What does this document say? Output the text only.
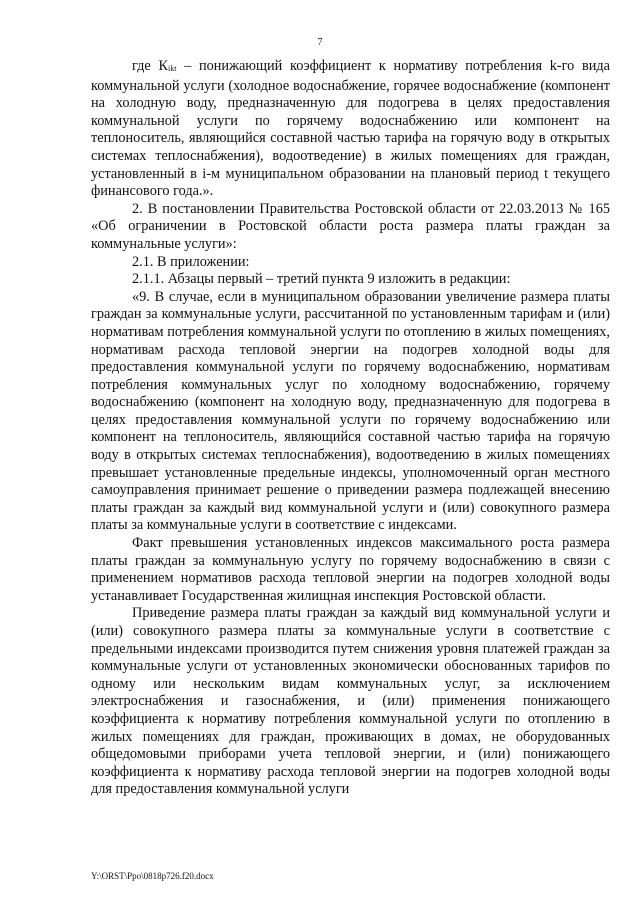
7

где Кikt – понижающий коэффициент к нормативу потребления k-го вида коммунальной услуги (холодное водоснабжение, горячее водоснабжение (компонент на холодную воду, предназначенную для подогрева в целях предоставления коммунальной услуги по горячему водоснабжению или компонент на теплоноситель, являющийся составной частью тарифа на горячую воду в открытых системах теплоснабжения), водоотведение) в жилых помещениях для граждан, установленный в i-м муниципальном образовании на плановый период t текущего финансового года.».

2. В постановлении Правительства Ростовской области от 22.03.2013 № 165 «Об ограничении в Ростовской области роста размера платы граждан за коммунальные услуги»:

2.1. В приложении:

2.1.1. Абзацы первый – третий пункта 9 изложить в редакции:

«9. В случае, если в муниципальном образовании увеличение размера платы граждан за коммунальные услуги, рассчитанной по установленным тарифам и (или) нормативам потребления коммунальной услуги по отоплению в жилых помещениях, нормативам расхода тепловой энергии на подогрев холодной воды для предоставления коммунальной услуги по горячему водоснабжению, нормативам потребления коммунальных услуг по холодному водоснабжению, горячему водоснабжению (компонент на холодную воду, предназначенную для подогрева в целях предоставления коммунальной услуги по горячему водоснабжению или компонент на теплоноситель, являющийся составной частью тарифа на горячую воду в открытых системах теплоснабжения), водоотведению в жилых помещениях превышает установленные предельные индексы, уполномоченный орган местного самоуправления принимает решение о приведении размера подлежащей внесению платы граждан за каждый вид коммунальной услуги и (или) совокупного размера платы за коммунальные услуги в соответствие с индексами.

Факт превышения установленных индексов максимального роста размера платы граждан за коммунальную услугу по горячему водоснабжению в связи с применением нормативов расхода тепловой энергии на подогрев холодной воды устанавливает Государственная жилищная инспекция Ростовской области.

Приведение размера платы граждан за каждый вид коммунальной услуги и (или) совокупного размера платы за коммунальные услуги в соответствие с предельными индексами производится путем снижения уровня платежей граждан за коммунальные услуги от установленных экономически обоснованных тарифов по одному или нескольким видам коммунальных услуг, за исключением электроснабжения и газоснабжения, и (или) применения понижающего коэффициента к нормативу потребления коммунальной услуги по отоплению в жилых помещениях для граждан, проживающих в домах, не оборудованных общедомовыми приборами учета тепловой энергии, и (или) понижающего коэффициента к нормативу расхода тепловой энергии на подогрев холодной воды для предоставления коммунальной услуги

Y:\ORST\Ppo\0818p726.f20.docx
